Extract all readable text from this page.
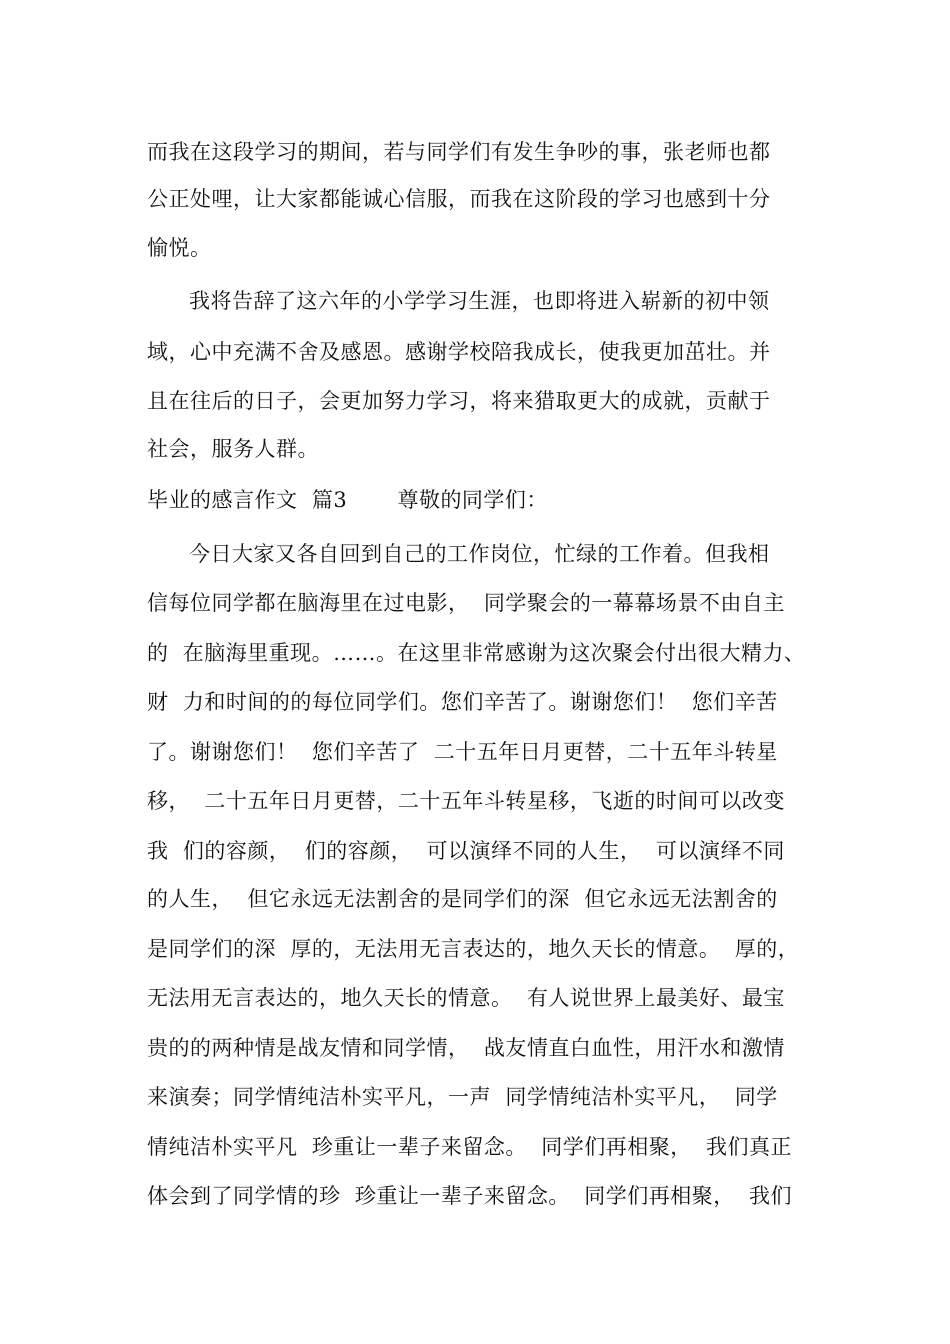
而我在这段学习的期间，若与同学们有发生争吵的事，张老师也都
公正处哩，让大家都能诚心信服，而我在这阶段的学习也感到十分
愉悦。
我将告辞了这六年的小学学习生涯，也即将进入崭新的初中领
域，心中充满不舍及感恩。感谢学校陪我成长，使我更加茁壮。并
且在往后的日子，会更加努力学习，将来猎取更大的成就，贡献于
社会，服务人群。
毕业的感言作文  篇3       尊敬的同学们：
今日大家又各自回到自己的工作岗位，忙绿的工作着。但我相
信每位同学都在脑海里在过电影，  同学聚会的一幕幕场景不由自主
的  在脑海里重现。……。在这里非常感谢为这次聚会付出很大精力、
财  力和时间的的每位同学们。您们辛苦了。谢谢您们！  您们辛苦
了。谢谢您们！  您们辛苦了  二十五年日月更替，二十五年斗转星
移，  二十五年日月更替，二十五年斗转星移，飞逝的时间可以改变
我  们的容颜，  们的容颜，  可以演绎不同的人生，  可以演绎不同
的人生，  但它永远无法割舍的是同学们的深  但它永远无法割舍的
是同学们的深  厚的，无法用无言表达的，地久天长的情意。  厚的，
无法用无言表达的，地久天长的情意。  有人说世界上最美好、最宝
贵的的两种情是战友情和同学情，  战友情直白血性，用汗水和激情
来演奏；同学情纯洁朴实平凡，一声  同学情纯洁朴实平凡，  同学
情纯洁朴实平凡  珍重让一辈子来留念。  同学们再相聚，  我们真正
体会到了同学情的珍  珍重让一辈子来留念。  同学们再相聚，  我们
